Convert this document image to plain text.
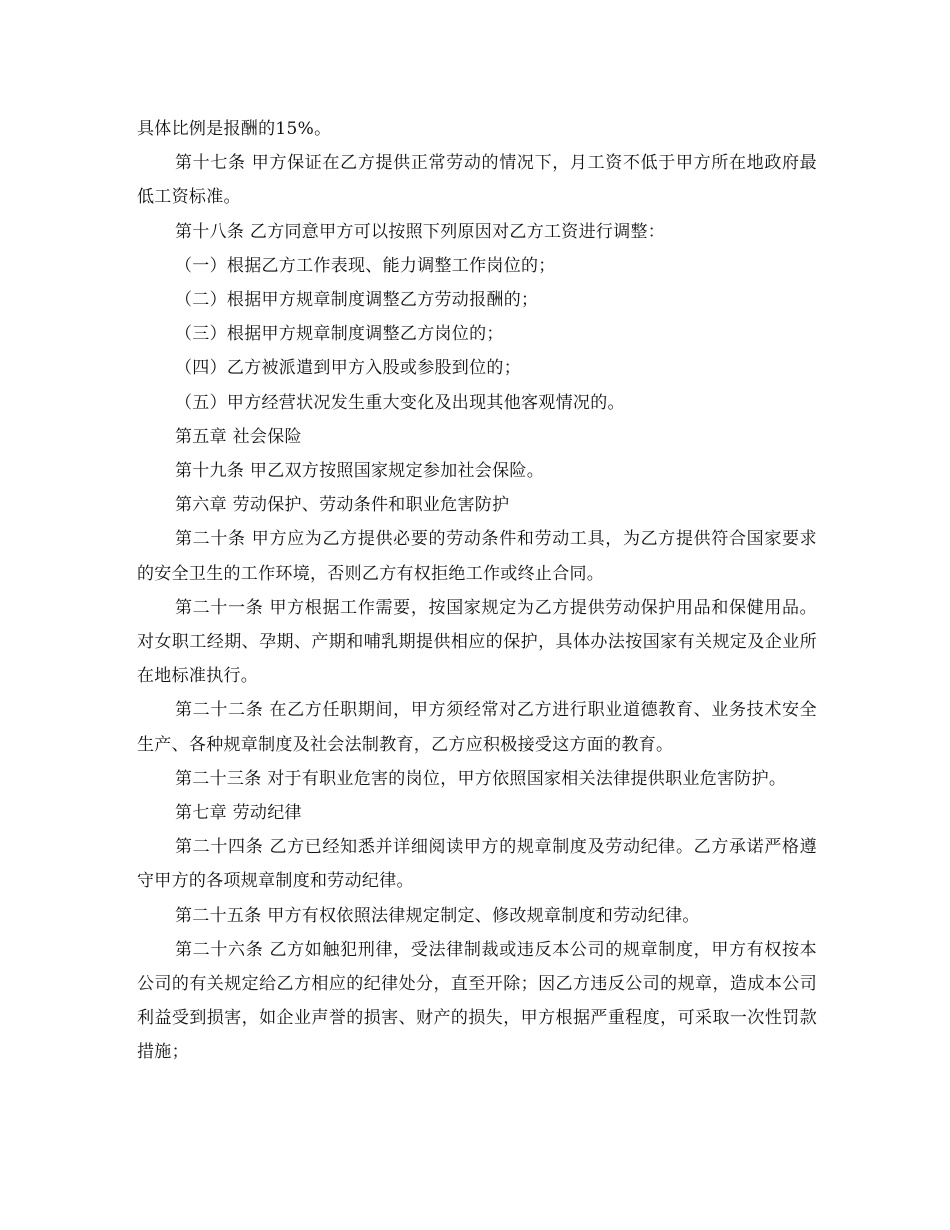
具体比例是报酬的15%。

第十七条 甲方保证在乙方提供正常劳动的情况下，月工资不低于甲方所在地政府最低工资标准。

第十八条 乙方同意甲方可以按照下列原因对乙方工资进行调整：

（一）根据乙方工作表现、能力调整工作岗位的；

（二）根据甲方规章制度调整乙方劳动报酬的；

（三）根据甲方规章制度调整乙方岗位的；

（四）乙方被派遣到甲方入股或参股到位的；

（五）甲方经营状况发生重大变化及出现其他客观情况的。

第五章 社会保险

第十九条 甲乙双方按照国家规定参加社会保险。

第六章 劳动保护、劳动条件和职业危害防护

第二十条 甲方应为乙方提供必要的劳动条件和劳动工具，为乙方提供符合国家要求的安全卫生的工作环境，否则乙方有权拒绝工作或终止合同。

第二十一条 甲方根据工作需要，按国家规定为乙方提供劳动保护用品和保健用品。对女职工经期、孕期、产期和哺乳期提供相应的保护，具体办法按国家有关规定及企业所在地标准执行。

第二十二条 在乙方任职期间，甲方须经常对乙方进行职业道德教育、业务技术安全生产、各种规章制度及社会法制教育，乙方应积极接受这方面的教育。

第二十三条 对于有职业危害的岗位，甲方依照国家相关法律提供职业危害防护。

第七章 劳动纪律

第二十四条 乙方已经知悉并详细阅读甲方的规章制度及劳动纪律。乙方承诺严格遵守甲方的各项规章制度和劳动纪律。

第二十五条 甲方有权依照法律规定制定、修改规章制度和劳动纪律。

第二十六条 乙方如触犯刑律，受法律制裁或违反本公司的规章制度，甲方有权按本公司的有关规定给乙方相应的纪律处分，直至开除；因乙方违反公司的规章，造成本公司利益受到损害，如企业声誉的损害、财产的损失，甲方根据严重程度，可采取一次性罚款措施；
